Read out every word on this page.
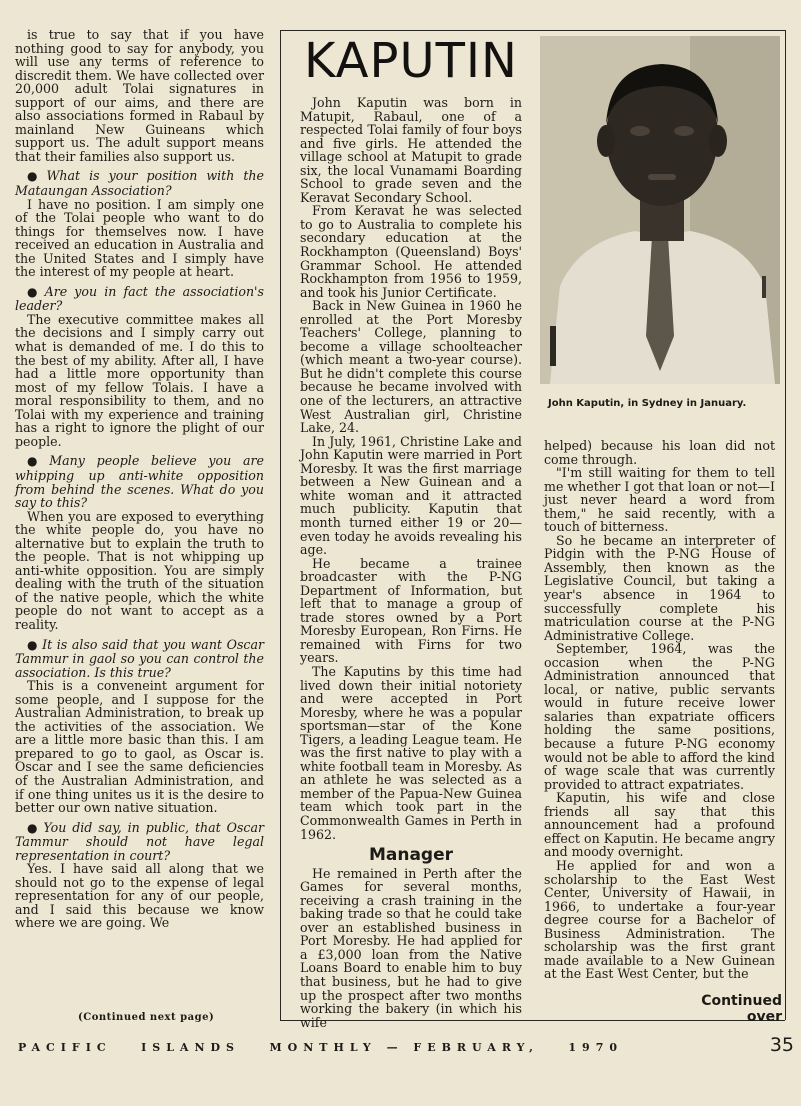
is true to say that if you have nothing good to say for anybody, you will use any terms of reference to discredit them. We have collected over 20,000 adult Tolai signatures in support of our aims, and there are also associations formed in Rabaul by mainland New Guineans which support us. The adult support means that their families also support us.

● What is your position with the Mataungan Association?

I have no position. I am simply one of the Tolai people who want to do things for themselves now. I have received an education in Australia and the United States and I simply have the interest of my people at heart.

● Are you in fact the association's leader?

The executive committee makes all the decisions and I simply carry out what is demanded of me. I do this to the best of my ability. After all, I have had a little more opportunity than most of my fellow Tolais. I have a moral responsibility to them, and no Tolai with my experience and training has a right to ignore the plight of our people.

● Many people believe you are whipping up anti-white opposition from behind the scenes. What do you say to this?

When you are exposed to everything the white people do, you have no alternative but to explain the truth to the people. That is not whipping up anti-white opposition. You are simply dealing with the truth of the situation of the native people, which the white people do not want to accept as a reality.

● It is also said that you want Oscar Tammur in gaol so you can control the association. Is this true?

This is a conveneint argument for some people, and I suppose for the Australian Administration, to break up the activities of the association. We are a little more basic than this. I am prepared to go to gaol, as Oscar is. Oscar and I see the same deficiencies of the Australian Administration, and if one thing unites us it is the desire to better our own native situation.

● You did say, in public, that Oscar Tammur should not have legal representation in court?

Yes. I have said all along that we should not go to the expense of legal representation for any of our people, and I said this because we know where we are going. We

KAPUTIN

John Kaputin was born in Matupit, Rabaul, one of a respected Tolai family of four boys and five girls. He attended the village school at Matupit to grade six, the local Vunamami Boarding School to grade seven and the Keravat Secondary School.

From Keravat he was selected to go to Australia to complete his secondary education at the Rockhampton (Queensland) Boys' Grammar School. He attended Rockhampton from 1956 to 1959, and took his Junior Certificate.

Back in New Guinea in 1960 he enrolled at the Port Moresby Teachers' College, planning to become a village schoolteacher (which meant a two-year course). But he didn't complete this course because he became involved with one of the lecturers, an attractive West Australian girl, Christine Lake, 24.

In July, 1961, Christine Lake and John Kaputin were married in Port Moresby. It was the first marriage between a New Guinean and a white woman and it attracted much publicity. Kaputin that month turned either 19 or 20—even today he avoids revealing his age.

He became a trainee broadcaster with the P-NG Department of Information, but left that to manage a group of trade stores owned by a Port Moresby European, Ron Firns. He remained with Firns for two years.

The Kaputins by this time had lived down their initial notoriety and were accepted in Port Moresby, where he was a popular sportsman—star of the Kone Tigers, a leading League team. He was the first native to play with a white football team in Moresby. As an athlete he was selected as a member of the Papua-New Guinea team which took part in the Commonwealth Games in Perth in 1962.

Manager

He remained in Perth after the Games for several months, receiving a crash training in the baking trade so that he could take over an established business in Port Moresby. He had applied for a £3,000 loan from the Native Loans Board to enable him to buy that business, but he had to give up the prospect after two months working the bakery (in which his wife

John Kaputin, in Sydney in January.

helped) because his loan did not come through.

"I'm still waiting for them to tell me whether I got that loan or not—I just never heard a word from them," he said recently, with a touch of bitterness.

So he became an interpreter of Pidgin with the P-NG House of Assembly, then known as the Legislative Council, but taking a year's absence in 1964 to successfully complete his matriculation course at the P-NG Administrative College.

September, 1964, was the occasion when the P-NG Administration announced that local, or native, public servants would in future receive lower salaries than expatriate officers holding the same positions, because a future P-NG economy would not be able to afford the kind of wage scale that was currently provided to attract expatriates.

Kaputin, his wife and close friends all say that this announcement had a profound effect on Kaputin. He became angry and moody overnight.

He applied for and won a scholarship to the East West Center, University of Hawaii, in 1966, to undertake a four-year degree course for a Bachelor of Business Administration. The scholarship was the first grant made available to a New Guinean at the East West Center, but the

(Continued next page)
Continued over
PACIFIC   ISLANDS   MONTHLY — FEBRUARY,   1970	35
